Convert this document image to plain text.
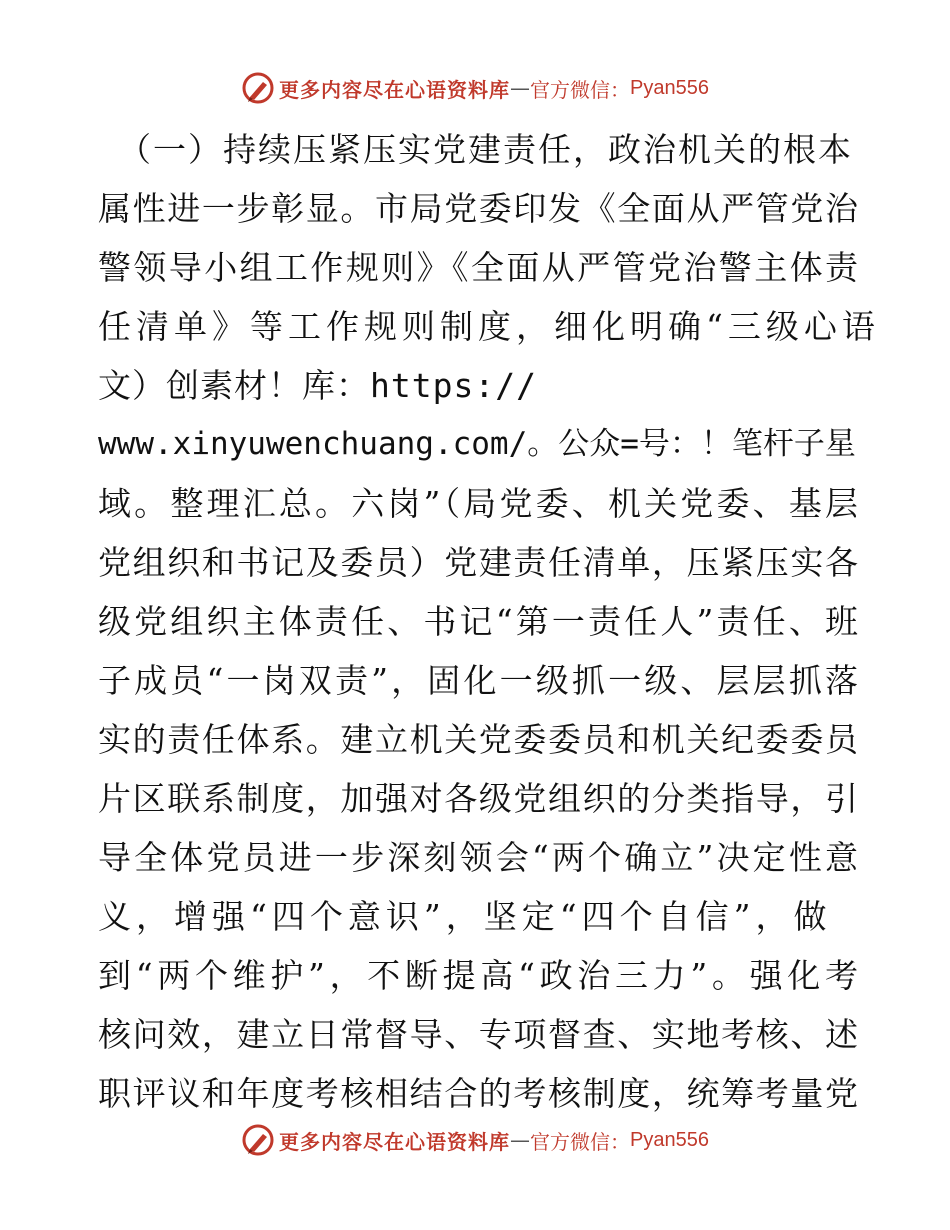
更多内容尽在心语资料库 — 官方微信： Pyan556
（一）持续压紧压实党建责任，政治机关的根本
属性进一步彰显。市局党委印发《全面从严管党治
警领导小组工作规则》《全面从严管党治警主体责
任清单》等工作规则制度，细化明确“三级心语
文）创素材！库：https://
www.xinyuwenchuang.com/。公众=号：！笔杆子星
域。整理汇总。六岗”（局党委、机关党委、基层
党组织和书记及委员）党建责任清单，压紧压实各
级党组织主体责任、书记“第一责任人”责任、班
子成员“一岗双责”，固化一级抓一级、层层抓落
实的责任体系。建立机关党委委员和机关纪委委员
片区联系制度，加强对各级党组织的分类指导，引
导全体党员进一步深刻领会“两个确立”决定性意
义，增强“四个意识”，坚定“四个自信”，做
到“两个维护”，不断提高“政治三力”。强化考
核问效，建立日常督导、专项督查、实地考核、述
职评议和年度考核相结合的考核制度，统筹考量党
更多内容尽在心语资料库 — 官方微信： Pyan556
